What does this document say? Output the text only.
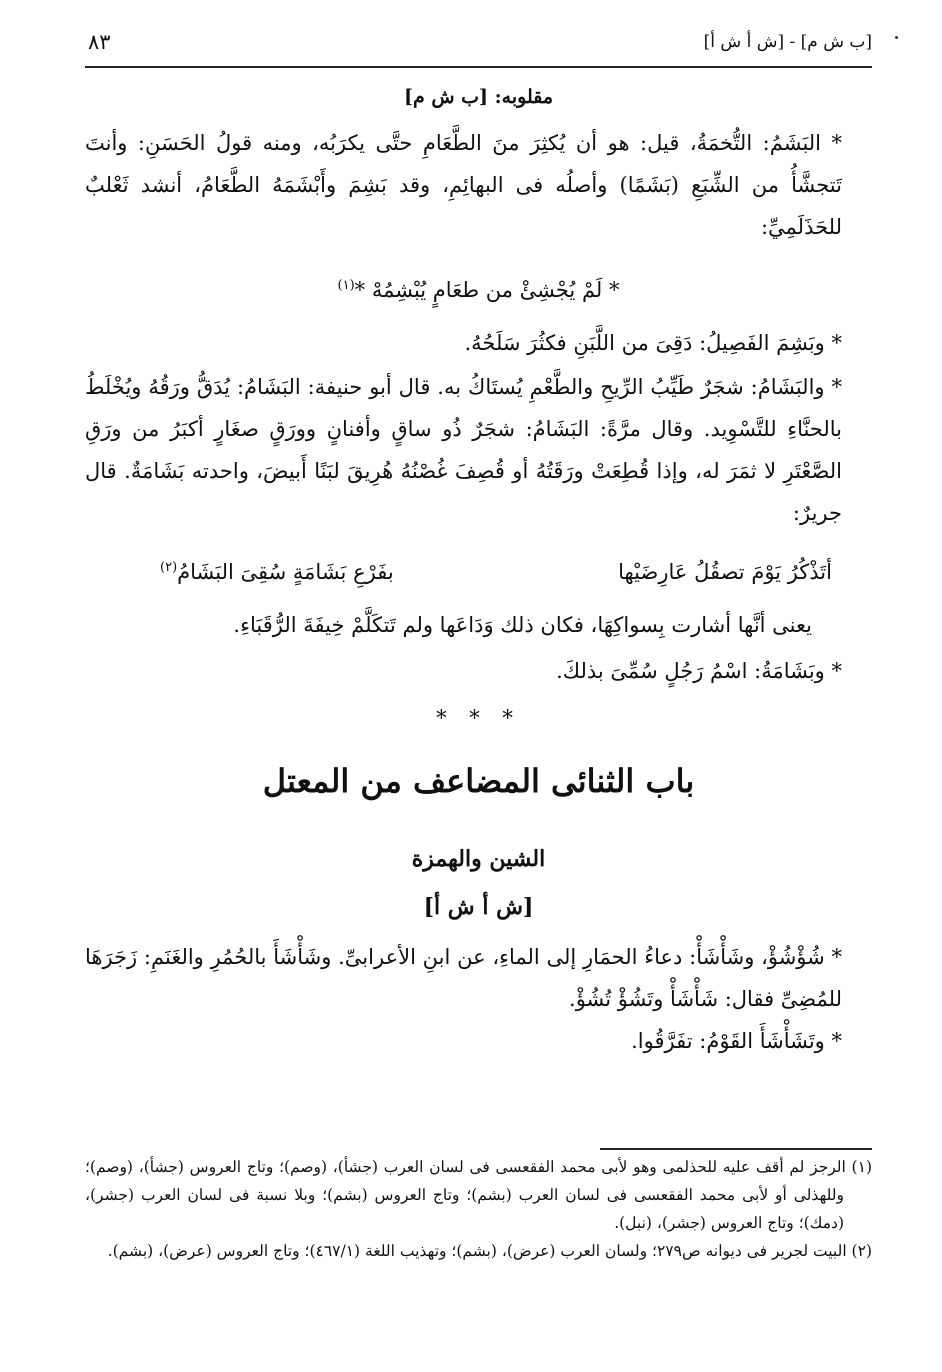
٨٣	[ب ش م] - [ش أ ش أ]
مقلوبه: [ب ش م]

* البَشَمُ: التُّخمَةُ، قيل: هو أن يُكثِرَ منَ الطَّعَامِ حتَّى يكرَبُه، ومنه قولُ الحَسَنِ: وأنتَ تَتجشَّأُ من الشِّبَعِ (بَشَمًا) وأصلُه فى البهائِمِ، وقد بَشِمَ وأَبْشَمَهُ الطَّعَامُ، أنشد ثَعْلبٌ للحَذَلَمِيِّ:

* لَمْ يُجْشِئْ من طعَامٍ يُبْشِمُهْ *$^{(١)}$

* وبَشِمَ الفَصِيلُ: دَقِىَ من اللَّبَنِ فكثُرَ سَلَحُهُ.

* والبَشَامُ: شجَرٌ طَيِّبُ الرِّيحِ والطَّعْمِ يُستَاكُ به. قال أبو حنيفة: البَشَامُ: يُدَقُّ ورَقُهُ ويُخْلَطُ بالحنَّاءِ للتَّسْوِيد. وقال مرَّةً: البَشَامُ: شجَرٌ ذُو ساقٍ وأفنانٍ وورَقٍ صغَارٍ أكبَرُ من ورَقِ الصَّعْتَرِ لا ثمَرَ له، وإذا قُطِعَتْ ورَقَتُهُ أو قُصِفَ غُصْنُهُ هُرِيقَ لبَنًا أَبيضَ، واحدته بَشَامَةٌ. قال جريرٌ:

أتَذْكُرُ يَوْمَ تصقُلُ عَارِضَيْها
بفَرْعِ بَشَامَةٍ سُقِىَ البَشَامُ$^{(٢)}$

يعنى أنَّها أشارت بِسواكِهَا، فكان ذلك وَدَاعَها ولم تَتكَلَّمْ خِيفَةَ الرُّقَبَاءِ.

* وبَشَامَةُ: اسْمُ رَجُلٍ سُمِّىَ بذلكَ.

* * *
باب الثنائى المضاعف من المعتل
الشين والهمزة
[ش أ ش أ]

* شُؤْشُؤْ، وشَأْشَأْ: دعاءُ الحمَارِ إلى الماءِ، عن ابنِ الأعرابىِّ. وشَأْشَأَ بالحُمُرِ والغَنَمِ: زَجَرَهَا للمُضِىِّ فقال: شَأْشَأْ وتَشُؤْ تُشُؤْ.

* وتَشَأْشَأَ القَوْمُ: تفَرَّقُوا.

(١) الرجز لم أقف عليه للحذلمى وهو لأبى محمد الفقعسى فى لسان العرب (جشأ)، (وصم)؛ وتاج العروس (جشأ)، (وصم)؛ وللهذلى أو لأبى محمد الفقعسى فى لسان العرب (بشم)؛ وتاج العروس (بشم)؛ وبلا نسبة فى لسان العرب (جشر)، (دمك)؛ وتاج العروس (جشر)، (نبل).

(٢) البيت لجرير فى ديوانه ص٢٧٩؛ ولسان العرب (عرض)، (بشم)؛ وتهذيب اللغة (٤٦٧/١)؛ وتاج العروس (عرض)، (بشم).
